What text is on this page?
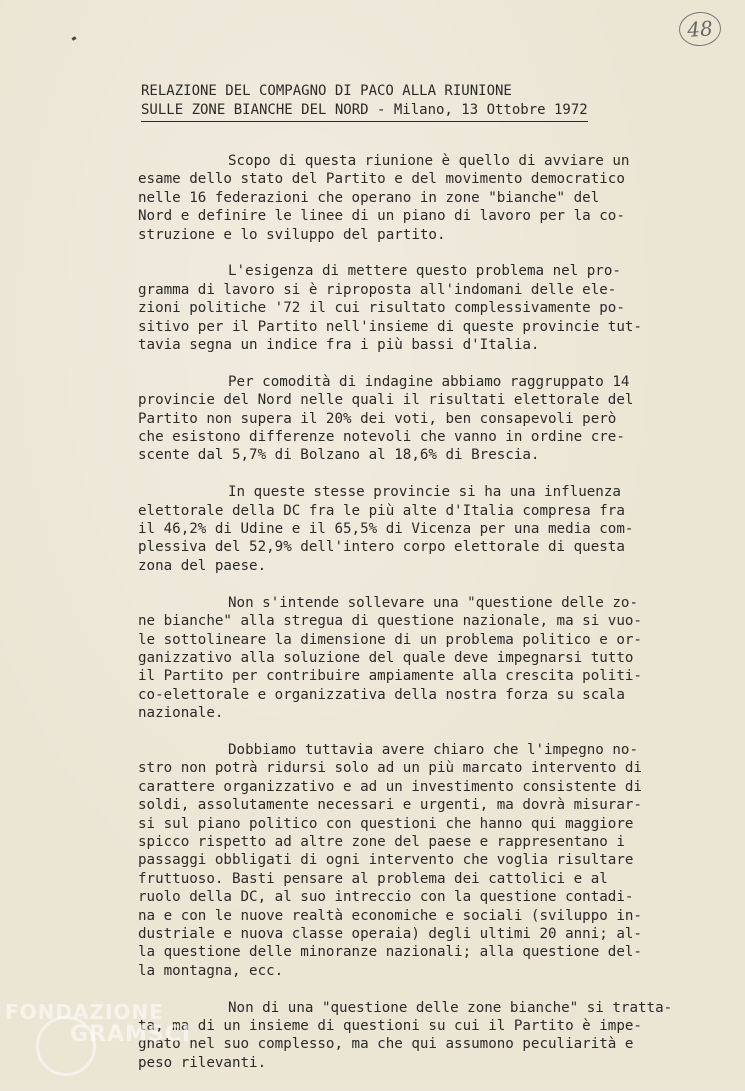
48
RELAZIONE DEL COMPAGNO DI PACO ALLA RIUNIONE
SULLE ZONE BIANCHE DEL NORD - Milano, 13 Ottobre 1972

Scopo di questa riunione è quello di avviare un
esame dello stato del Partito e del movimento democratico
nelle 16 federazioni che operano in zone "bianche" del
Nord e definire le linee di un piano di lavoro per la co-
struzione e lo sviluppo del partito.

L'esigenza di mettere questo problema nel pro-
gramma di lavoro si è riproposta all'indomani delle ele-
zioni politiche '72 il cui risultato complessivamente po-
sitivo per il Partito nell'insieme di queste provincie tut-
tavia segna un indice fra i più bassi d'Italia.

Per comodità di indagine abbiamo raggruppato 14
provincie del Nord nelle quali il risultati elettorale del
Partito non supera il 20% dei voti, ben consapevoli però
che esistono differenze notevoli che vanno in ordine cre-
scente dal 5,7% di Bolzano al 18,6% di Brescia.

In queste stesse provincie si ha una influenza
elettorale della DC fra le più alte d'Italia compresa fra
il 46,2% di Udine e il 65,5% di Vicenza per una media com-
plessiva del 52,9% dell'intero corpo elettorale di questa
zona del paese.

Non s'intende sollevare una "questione delle zo-
ne bianche" alla stregua di questione nazionale, ma si vuo-
le sottolineare la dimensione di un problema politico e or-
ganizzativo alla soluzione del quale deve impegnarsi tutto
il Partito per contribuire ampiamente alla crescita politi-
co-elettorale e organizzativa della nostra forza su scala
nazionale.

Dobbiamo tuttavia avere chiaro che l'impegno no-
stro non potrà ridursi solo ad un più marcato intervento di
carattere organizzativo e ad un investimento consistente di
soldi, assolutamente necessari e urgenti, ma dovrà misurar-
si sul piano politico con questioni che hanno qui maggiore
spicco rispetto ad altre zone del paese e rappresentano i
passaggi obbligati di ogni intervento che voglia risultare
fruttuoso. Basti pensare al problema dei cattolici e al
ruolo della DC, al suo intreccio con la questione contadi-
na e con le nuove realtà economiche e sociali (sviluppo in-
dustriale e nuova classe operaia) degli ultimi 20 anni; al-
la questione delle minoranze nazionali; alla questione del-
la montagna, ecc.

Non di una "questione delle zone bianche" si tratta-
ta, ma di un insieme di questioni su cui il Partito è impe-
gnato nel suo complesso, ma che qui assumono peculiarità e
peso rilevanti.

FONDAZIONE
GRAMSCI
